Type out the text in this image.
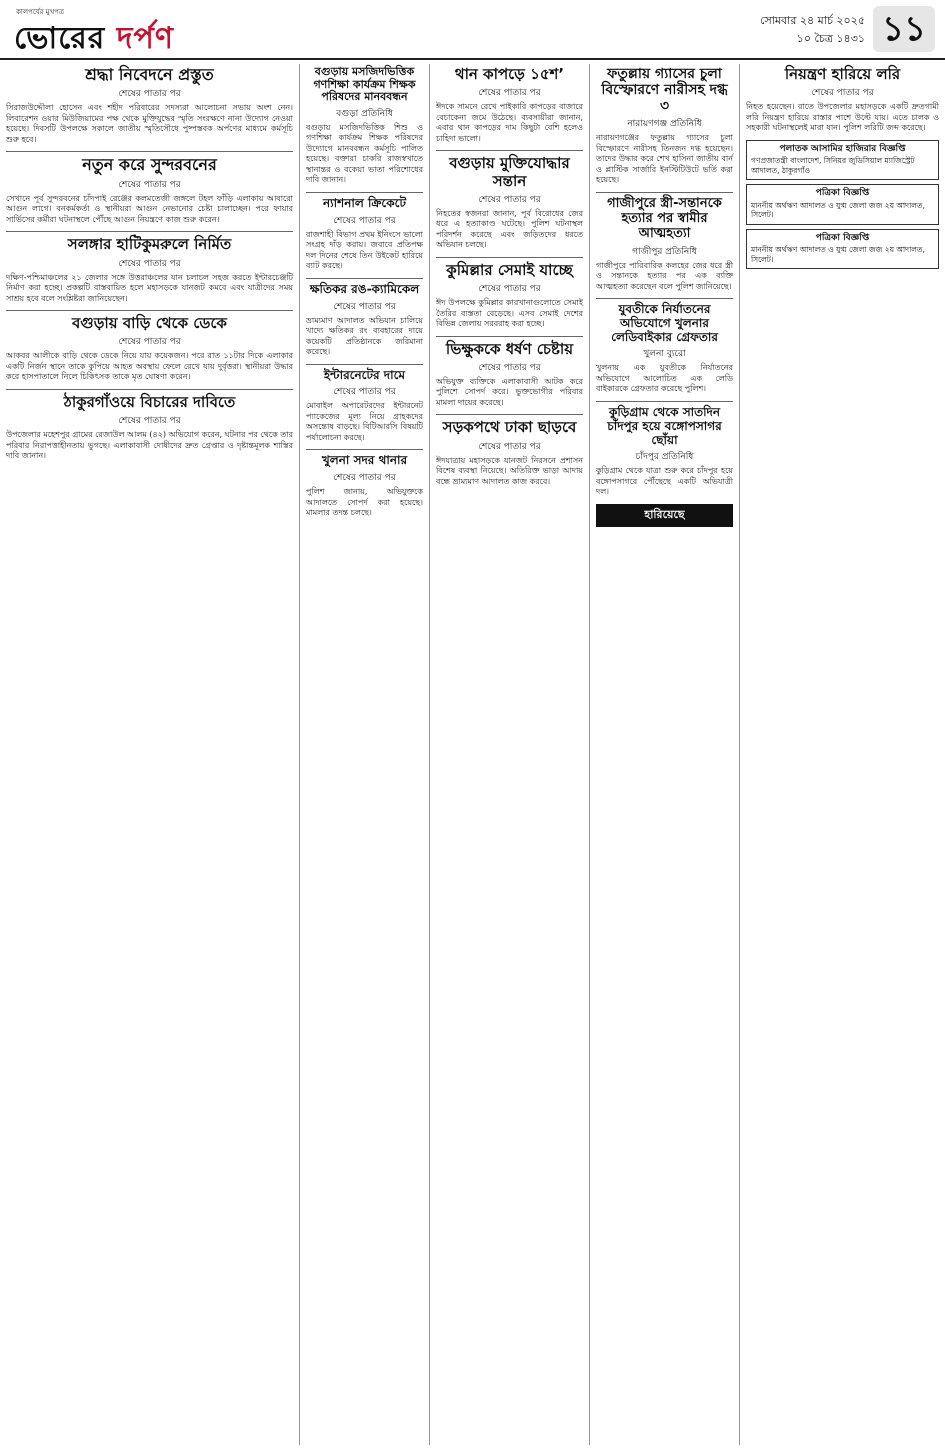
কালপর্বের মুখপত্র
ভোরের দর্পণ
সোমবার ২৪ মার্চ ২০২৫
১০ চৈত্র ১৪৩১ ১১
শ্রদ্ধা নিবেদনে প্রস্তুত
শেষের পাতার পর
সিরাজউদ্দৌলা হোসেন এবং শহীদ পরিবারের সদস্যরা আলোচনা সভায় অংশ নেন। লিবারেশন ওয়ার মিউজিয়ামের পক্ষ থেকে মুক্তিযুদ্ধের স্মৃতি সংরক্ষণে নানা উদ্যোগ নেওয়া হয়েছে। দিবসটি উপলক্ষে সকালে জাতীয় স্মৃতিসৌধে পুষ্পস্তবক অর্পণের মাধ্যমে কর্মসূচি শুরু হবে।
নতুন করে সুন্দরবনের
শেষের পাতার পর
সেখানে পূর্ব সুন্দরবনের চাঁদপাই রেঞ্জের কলমতেজী জঙ্গলে টহল ফাঁড়ি এলাকায় আবারো আগুন লাগে। বনকর্মকর্তা ও স্থানীয়রা আগুন নেভানোর চেষ্টা চালাচ্ছেন। পরে ফায়ার সার্ভিসের কর্মীরা ঘটনাস্থলে পৌঁছে আগুন নিয়ন্ত্রণে কাজ শুরু করেন।
সলঙ্গার হাটিকুমরুলে নির্মিত
শেষের পাতার পর
দক্ষিণ-পশ্চিমাঞ্চলের ২১ জেলার সঙ্গে উত্তরাঞ্চলের যান চলাচল সহজ করতে ইন্টারচেঞ্জটি নির্মাণ করা হচ্ছে। প্রকল্পটি বাস্তবায়িত হলে মহাসড়কে যানজট কমবে এবং যাত্রীদের সময় সাশ্রয় হবে বলে সংশ্লিষ্টরা জানিয়েছেন।
বগুড়ায় বাড়ি থেকে ডেকে
শেষের পাতার পর
আকবর আলীকে বাড়ি থেকে ডেকে নিয়ে যায় কয়েকজন। পরে রাত ১১টার দিকে এলাকার একটি নির্জন স্থানে তাকে কুপিয়ে আহত অবস্থায় ফেলে রেখে যায় দুর্বৃত্তরা। স্থানীয়রা উদ্ধার করে হাসপাতালে নিলে চিকিৎসক তাকে মৃত ঘোষণা করেন।
ঠাকুরগাঁওয়ে বিচারের দাবিতে
শেষের পাতার পর
উপজেলার মহেশপুর গ্রামের রেজাউল আলম (৪২) অভিযোগ করেন, ঘটনার পর থেকে তার পরিবার নিরাপত্তাহীনতায় ভুগছে। এলাকাবাসী দোষীদের দ্রুত গ্রেপ্তার ও দৃষ্টান্তমূলক শাস্তির দাবি জানান।
বগুড়ায় মসজিদভিত্তিক গণশিক্ষা কার্যক্রম শিক্ষক পরিষদের মানববন্ধন
বগুড়া প্রতিনিধি
বগুড়ায় মসজিদভিত্তিক শিশু ও গণশিক্ষা কার্যক্রম শিক্ষক পরিষদের উদ্যোগে মানববন্ধন কর্মসূচি পালিত হয়েছে। বক্তারা চাকরি রাজস্বখাতে স্থানান্তর ও বকেয়া ভাতা পরিশোধের দাবি জানান।
ন্যাশনাল ক্রিকেটে
শেষের পাতার পর
রাজশাহী বিভাগ প্রথম ইনিংসে ভালো সংগ্রহ দাঁড় করায়। জবাবে প্রতিপক্ষ দল দিনের শেষে তিন উইকেট হারিয়ে ব্যাট করছে।
ক্ষতিকর রঙ-ক্যামিকেল
শেষের পাতার পর
ভ্রাম্যমাণ আদালত অভিযান চালিয়ে খাদ্যে ক্ষতিকর রং ব্যবহারের দায়ে কয়েকটি প্রতিষ্ঠানকে জরিমানা করেছে।
ইন্টারনেটের দামে
শেষের পাতার পর
মোবাইল অপারেটরদের ইন্টারনেট প্যাকেজের মূল্য নিয়ে গ্রাহকদের অসন্তোষ বাড়ছে। বিটিআরসি বিষয়টি পর্যালোচনা করছে।
খুলনা সদর থানার
শেষের পাতার পর
পুলিশ জানায়, অভিযুক্তকে আদালতে সোপর্দ করা হয়েছে। মামলার তদন্ত চলছে।
থান কাপড়ে ১৫শ’
শেষের পাতার পর
ঈদকে সামনে রেখে পাইকারি কাপড়ের বাজারে বেচাকেনা জমে উঠেছে। ব্যবসায়ীরা জানান, এবার থান কাপড়ের দাম কিছুটা বেশি হলেও চাহিদা ভালো।
বগুড়ায় মুক্তিযোদ্ধার সন্তান
শেষের পাতার পর
নিহতের স্বজনরা জানান, পূর্ব বিরোধের জের ধরে এ হত্যাকাণ্ড ঘটেছে। পুলিশ ঘটনাস্থল পরিদর্শন করেছে এবং জড়িতদের ধরতে অভিযান চলছে।
কুমিল্লার সেমাই যাচ্ছে
শেষের পাতার পর
ঈদ উপলক্ষে কুমিল্লার কারখানাগুলোতে সেমাই তৈরির ব্যস্ততা বেড়েছে। এসব সেমাই দেশের বিভিন্ন জেলায় সরবরাহ করা হচ্ছে।
ভিক্ষুককে ধর্ষণ চেষ্টায়
শেষের পাতার পর
অভিযুক্ত ব্যক্তিকে এলাকাবাসী আটক করে পুলিশে সোপর্দ করে। ভুক্তভোগীর পরিবার মামলা দায়ের করেছে।
সড়কপথে ঢাকা ছাড়বে
শেষের পাতার পর
ঈদযাত্রায় মহাসড়কে যানজট নিরসনে প্রশাসন বিশেষ ব্যবস্থা নিয়েছে। অতিরিক্ত ভাড়া আদায় বন্ধে ভ্রাম্যমাণ আদালত কাজ করবে।
ফতুল্লায় গ্যাসের চুলা বিস্ফোরণে নারীসহ দগ্ধ ৩
নারায়ণগঞ্জ প্রতিনিধি
নারায়ণগঞ্জের ফতুল্লায় গ্যাসের চুলা বিস্ফোরণে নারীসহ তিনজন দগ্ধ হয়েছেন। তাদের উদ্ধার করে শেখ হাসিনা জাতীয় বার্ন ও প্লাস্টিক সার্জারি ইনস্টিটিউটে ভর্তি করা হয়েছে।
গাজীপুরে স্ত্রী-সন্তানকে হত্যার পর স্বামীর আত্মহত্যা
গাজীপুর প্রতিনিধি
গাজীপুরে পারিবারিক কলহের জের ধরে স্ত্রী ও সন্তানকে হত্যার পর এক ব্যক্তি আত্মহত্যা করেছেন বলে পুলিশ জানিয়েছে।
যুবতীকে নির্যাতনের অভিযোগে খুলনার লেডিবাইকার গ্রেফতার
খুলনা ব্যুরো
খুলনায় এক যুবতীকে নির্যাতনের অভিযোগে আলোচিত এক লেডি বাইকারকে গ্রেফতার করেছে পুলিশ।
কুড়িগ্রাম থেকে সাতদিন চাঁদপুর হয়ে বঙ্গোপসাগর ছোঁয়া
চাঁদপুর প্রতিনিধি
কুড়িগ্রাম থেকে যাত্রা শুরু করে চাঁদপুর হয়ে বঙ্গোপসাগরে পৌঁছেছে একটি অভিযাত্রী দল।
হারিয়েছে
নিয়ন্ত্রণ হারিয়ে লরি
শেষের পাতার পর
নিহত হয়েছেন। রাতে উপজেলার মহাসড়কে একটি দ্রুতগামী লরি নিয়ন্ত্রণ হারিয়ে রাস্তার পাশে উল্টে যায়। এতে চালক ও সহকারী ঘটনাস্থলেই মারা যান। পুলিশ লরিটি জব্দ করেছে।
পলাতক আসামির হাজিরার বিজ্ঞপ্তি
গণপ্রজাতন্ত্রী বাংলাদেশ, সিনিয়র জুডিসিয়াল ম্যাজিস্ট্রেট আদালত, ঠাকুরগাঁও
পত্রিকা বিজ্ঞপ্তি
মাননীয় অর্থঋণ আদালত ও যুগ্ম জেলা জজ ২য় আদালত, সিলেট।
পত্রিকা বিজ্ঞপ্তি
মাননীয় অর্থঋণ আদালত ও যুগ্ম জেলা জজ ২য় আদালত, সিলেট।
